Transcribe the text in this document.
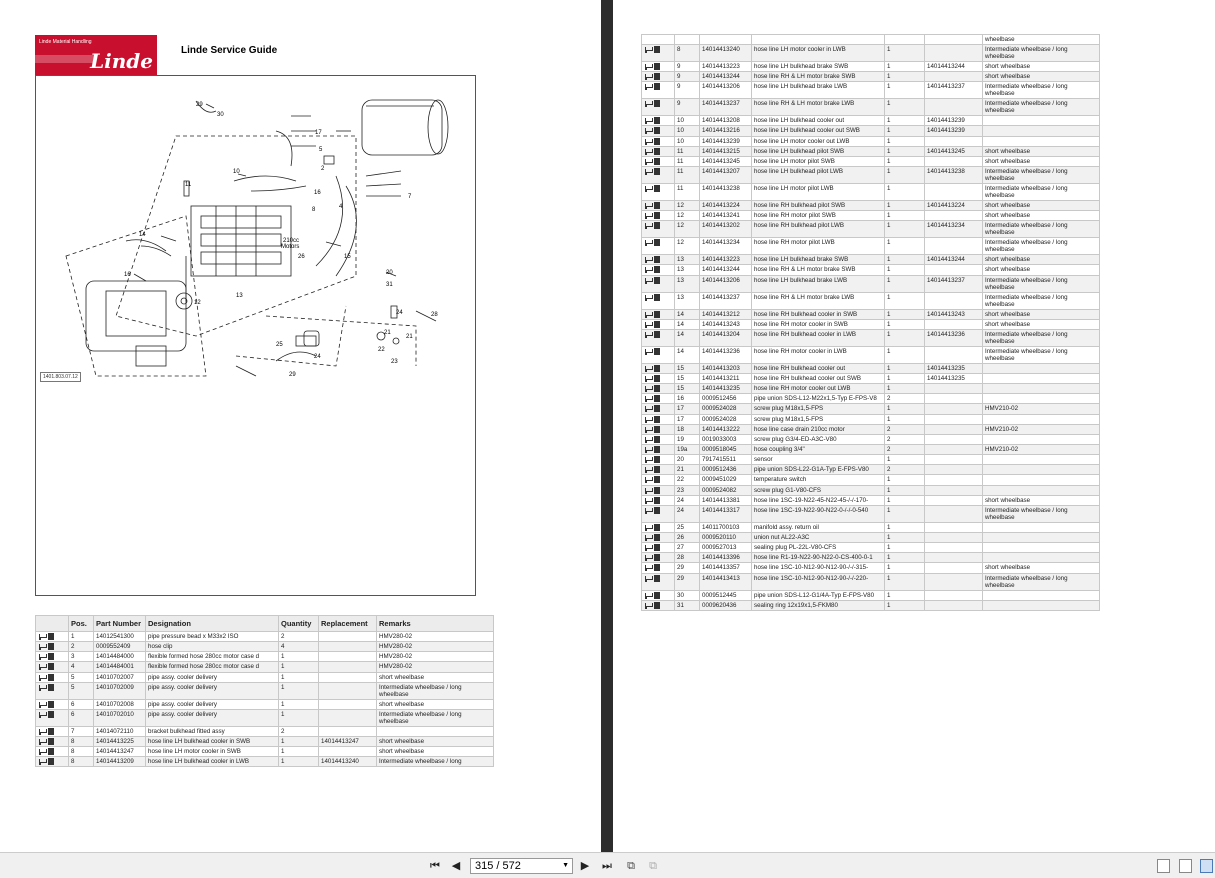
Linde Material Handling
Linde	Linde Service Guide
29
30
17
10
5
2
16
8	4
7
11
14
16
12
13
15
210cc
Motors
26
20
31
24	28
21
21
22
23
25
24
29
1401.803.07.12
	Pos.	Part Number	Designation	Quantity	Replacement	Remarks
	1	14012541300	pipe pressure bead x M33x2 ISO	2		HMV280-02
	2	0009552409	hose clip	4		HMV280-02
	3	14014484000	flexible formed hose 280cc motor case d	1		HMV280-02
	4	14014484001	flexible formed hose 280cc motor case d	1		HMV280-02
	5	14010702007	pipe assy. cooler delivery	1		short wheelbase
	5	14010702009	pipe assy. cooler delivery	1		Intermediate wheelbase / long wheelbase
	6	14010702008	pipe assy. cooler delivery	1		short wheelbase
	6	14010702010	pipe assy. cooler delivery	1		Intermediate wheelbase / long wheelbase
	7	14014072110	bracket bulkhead fitted assy	2		
	8	14014413225	hose line LH bulkhead cooler in SWB	1	14014413247	short wheelbase
	8	14014413247	hose line LH motor cooler in SWB	1		short wheelbase
	8	14014413209	hose line LH bulkhead cooler in LWB	1	14014413240	Intermediate wheelbase / long
						wheelbase
	8	14014413240	hose line LH motor cooler in LWB	1		Intermediate wheelbase / long wheelbase
	9	14014413223	hose line LH bulkhead brake SWB	1	14014413244	short wheelbase
	9	14014413244	hose line RH & LH motor brake SWB	1		short wheelbase
	9	14014413206	hose line LH bulkhead brake LWB	1	14014413237	Intermediate wheelbase / long wheelbase
	9	14014413237	hose line RH & LH motor brake LWB	1		Intermediate wheelbase / long wheelbase
	10	14014413208	hose line LH bulkhead cooler out	1	14014413239	
	10	14014413216	hose line LH bulkhead cooler out SWB	1	14014413239	
	10	14014413239	hose line LH motor cooler out LWB	1		
	11	14014413215	hose line LH bulkhead pilot SWB	1	14014413245	short wheelbase
	11	14014413245	hose line LH motor pilot SWB	1		short wheelbase
	11	14014413207	hose line LH bulkhead pilot LWB	1	14014413238	Intermediate wheelbase / long wheelbase
	11	14014413238	hose line LH motor pilot LWB	1		Intermediate wheelbase / long wheelbase
	12	14014413224	hose line RH bulkhead pilot SWB	1	14014413224	short wheelbase
	12	14014413241	hose line RH motor pilot SWB	1		short wheelbase
	12	14014413202	hose line RH bulkhead pilot LWB	1	14014413234	Intermediate wheelbase / long wheelbase
	12	14014413234	hose line RH motor pilot LWB	1		Intermediate wheelbase / long wheelbase
	13	14014413223	hose line LH bulkhead brake SWB	1	14014413244	short wheelbase
	13	14014413244	hose line RH & LH motor brake SWB	1		short wheelbase
	13	14014413206	hose line LH bulkhead brake LWB	1	14014413237	Intermediate wheelbase / long wheelbase
	13	14014413237	hose line RH & LH motor brake LWB	1		Intermediate wheelbase / long wheelbase
	14	14014413212	hose line RH bulkhead cooler in SWB	1	14014413243	short wheelbase
	14	14014413243	hose line RH motor cooler in SWB	1		short wheelbase
	14	14014413204	hose line RH bulkhead cooler in LWB	1	14014413236	Intermediate wheelbase / long wheelbase
	14	14014413236	hose line RH motor cooler in LWB	1		Intermediate wheelbase / long wheelbase
	15	14014413203	hose line RH bulkhead cooler out	1	14014413235	
	15	14014413211	hose line RH bulkhead cooler out SWB	1	14014413235	
	15	14014413235	hose line RH motor cooler out LWB	1		
	16	0009512456	pipe union SDS-L12-M22x1,5-Typ E-FPS-V8	2		
	17	0009524028	screw plug M18x1,5-FPS	1		HMV210-02
	17	0009524028	screw plug M18x1,5-FPS	1		
	18	14014413222	hose line case drain 210cc motor	2		HMV210-02
	19	0019033003	screw plug G3/4-ED-A3C-V80	2		
	19a	0009518045	hose coupling 3/4"	2		HMV210-02
	20	7917415511	sensor	1		
	21	0009512436	pipe union SDS-L22-G1A-Typ E-FPS-V80	2		
	22	0009451029	temperature switch	1		
	23	0009524082	screw plug G1-V80-CFS	1		
	24	14014413381	hose line 1SC-19-N22-45-N22-45-/-/-170-	1		short wheelbase
	24	14014413317	hose line 1SC-19-N22-90-N22-0-/-/-0-540	1		Intermediate wheelbase / long wheelbase
	25	14011700103	manifold assy. return oil	1		
	26	0009520110	union nut AL22-A3C	1		
	27	0009527013	sealing plug PL-22L-V80-CFS	1		
	28	14014413396	hose line R1-19-N22-90-N22-0-CS-400-0-1	1		
	29	14014413357	hose line 1SC-10-N12-90-N12-90-/-/-315-	1		short wheelbase
	29	14014413413	hose line 1SC-10-N12-90-N12-90-/-/-220-	1		Intermediate wheelbase / long wheelbase
	30	0009512445	pipe union SDS-L12-G1/4A-Typ E-FPS-V80	1		
	31	0009620436	sealing ring 12x19x1,5-FKM80	1		
⏮ ◀	315 / 572	▼ ▶ ⏭ ⧉ ⧉
